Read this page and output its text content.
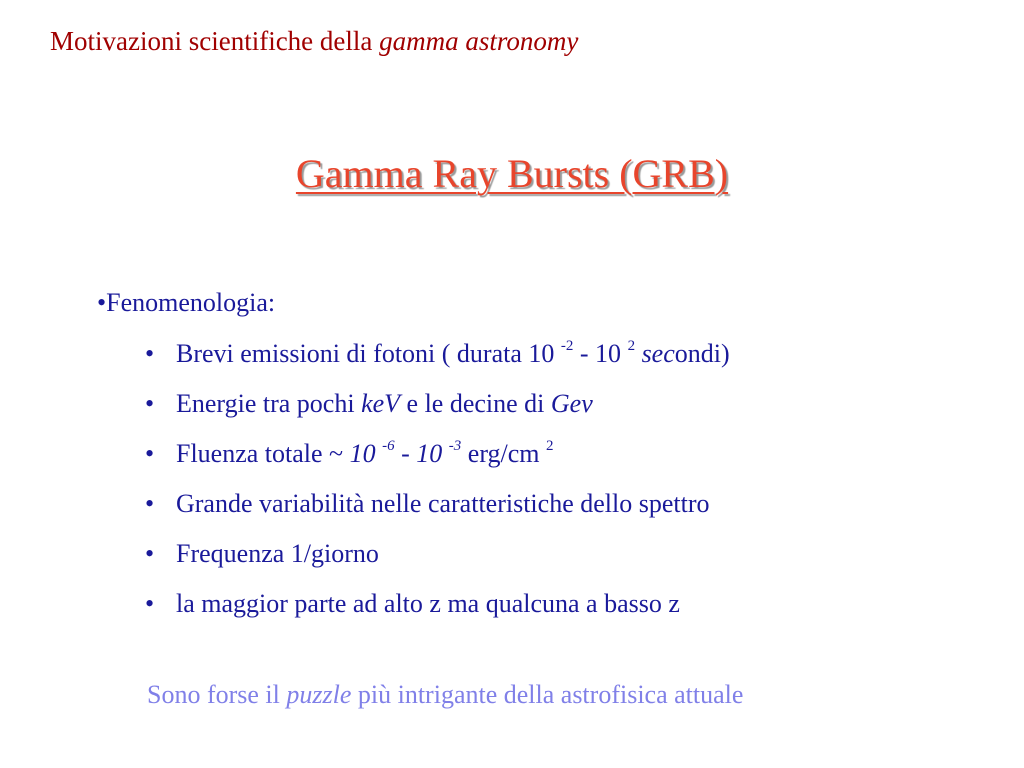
Motivazioni scientifiche della gamma astronomy
Gamma Ray Bursts (GRB)
•Fenomenologia:
• Brevi emissioni di fotoni ( durata 10 $^{-2}$ - 10 $^2$ secondi)
• Energie tra pochi keV e le decine di Gev
• Fluenza totale ~ 10 $^{-6}$ - 10 $^{-3}$ erg/cm $^2$
• Grande variabilità nelle caratteristiche dello spettro
• Frequenza 1/giorno
• la maggior parte ad alto z ma qualcuna a basso z
Sono forse il puzzle più intrigante della astrofisica attuale
